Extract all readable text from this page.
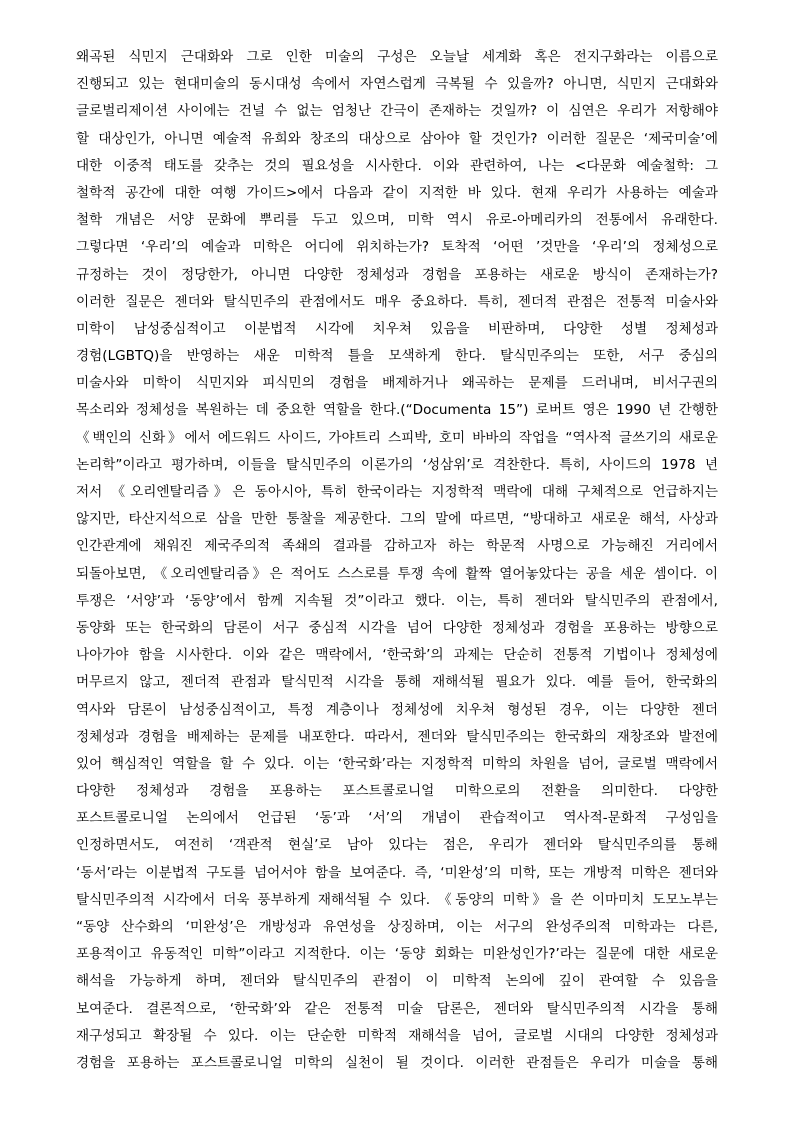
왜곡된 식민지 근대화와 그로 인한 미술의 구성은 오늘날 세계화 혹은 전지구화라는 이름으로
진행되고 있는 현대미술의 동시대성 속에서 자연스럽게 극복될 수 있을까? 아니면, 식민지 근대화와
글로벌리제이션 사이에는 건널 수 없는 엄청난 간극이 존재하는 것일까? 이 심연은 우리가 저항해야
할 대상인가, 아니면 예술적 유희와 창조의 대상으로 삼아야 할 것인가? 이러한 질문은 ‘제국미술’에
대한 이중적 태도를 갖추는 것의 필요성을 시사한다. 이와 관련하여, 나는 <다문화 예술철학: 그
철학적 공간에 대한 여행 가이드>에서 다음과 같이 지적한 바 있다. 현재 우리가 사용하는 예술과
철학 개념은 서양 문화에 뿌리를 두고 있으며, 미학 역시 유로-아메리카의 전통에서 유래한다.
그렇다면 ‘우리’의 예술과 미학은 어디에 위치하는가? 토착적 ‘어떤 ’것만을 ‘우리’의 정체성으로
규정하는 것이 정당한가, 아니면 다양한 정체성과 경험을 포용하는 새로운 방식이 존재하는가?
이러한 질문은 젠더와 탈식민주의 관점에서도 매우 중요하다. 특히, 젠더적 관점은 전통적 미술사와
미학이 남성중심적이고 이분법적 시각에 치우쳐 있음을 비판하며, 다양한 성별 정체성과
경험(LGBTQ)을 반영하는 새운 미학적 틀을 모색하게 한다. 탈식민주의는 또한, 서구 중심의
미술사와 미학이 식민지와 피식민의 경험을 배제하거나 왜곡하는 문제를 드러내며, 비서구권의
목소리와 정체성을 복원하는 데 중요한 역할을 한다.(“Documenta 15”) 로버트 영은 1990 년 간행한
《백인의 신화》에서 에드워드 사이드, 가야트리 스피박, 호미 바바의 작업을 “역사적 글쓰기의 새로운
논리학”이라고 평가하며, 이들을 탈식민주의 이론가의 ‘성삼위’로 격찬한다. 특히, 사이드의 1978 년
저서 《오리엔탈리즘》은 동아시아, 특히 한국이라는 지정학적 맥락에 대해 구체적으로 언급하지는
않지만, 타산지석으로 삼을 만한 통찰을 제공한다. 그의 말에 따르면, “방대하고 새로운 해석, 사상과
인간관계에 채워진 제국주의적 족쇄의 결과를 감하고자 하는 학문적 사명으로 가능해진 거리에서
되돌아보면, 《오리엔탈리즘》은 적어도 스스로를 투쟁 속에 활짝 열어놓았다는 공을 세운 셈이다. 이
투쟁은 ‘서양’과 ‘동양’에서 함께 지속될 것”이라고 했다. 이는, 특히 젠더와 탈식민주의 관점에서,
동양화 또는 한국화의 담론이 서구 중심적 시각을 넘어 다양한 정체성과 경험을 포용하는 방향으로
나아가야 함을 시사한다. 이와 같은 맥락에서, ‘한국화’의 과제는 단순히 전통적 기법이나 정체성에
머무르지 않고, 젠더적 관점과 탈식민적 시각을 통해 재해석될 필요가 있다. 예를 들어, 한국화의
역사와 담론이 남성중심적이고, 특정 계층이나 정체성에 치우쳐 형성된 경우, 이는 다양한 젠더
정체성과 경험을 배제하는 문제를 내포한다. 따라서, 젠더와 탈식민주의는 한국화의 재창조와 발전에
있어 핵심적인 역할을 할 수 있다. 이는 ‘한국화’라는 지정학적 미학의 차원을 넘어, 글로벌 맥락에서
다양한 정체성과 경험을 포용하는 포스트콜로니얼 미학으로의 전환을 의미한다. 다양한
포스트콜로니얼 논의에서 언급된 ‘동’과 ‘서’의 개념이 관습적이고 역사적-문화적 구성임을
인정하면서도, 여전히 ‘객관적 현실’로 남아 있다는 점은, 우리가 젠더와 탈식민주의를 통해
‘동서’라는 이분법적 구도를 넘어서야 함을 보여준다. 즉, ‘미완성’의 미학, 또는 개방적 미학은 젠더와
탈식민주의적 시각에서 더욱 풍부하게 재해석될 수 있다. 《동양의 미학》을 쓴 이마미치 도모노부는
“동양 산수화의 ‘미완성’은 개방성과 유연성을 상징하며, 이는 서구의 완성주의적 미학과는 다른,
포용적이고 유동적인 미학”이라고 지적한다. 이는 ‘동양 회화는 미완성인가?’라는 질문에 대한 새로운
해석을 가능하게 하며, 젠더와 탈식민주의 관점이 이 미학적 논의에 깊이 관여할 수 있음을
보여준다. 결론적으로, ‘한국화’와 같은 전통적 미술 담론은, 젠더와 탈식민주의적 시각을 통해
재구성되고 확장될 수 있다. 이는 단순한 미학적 재해석을 넘어, 글로벌 시대의 다양한 정체성과
경험을 포용하는 포스트콜로니얼 미학의 실천이 될 것이다. 이러한 관점들은 우리가 미술을 통해
